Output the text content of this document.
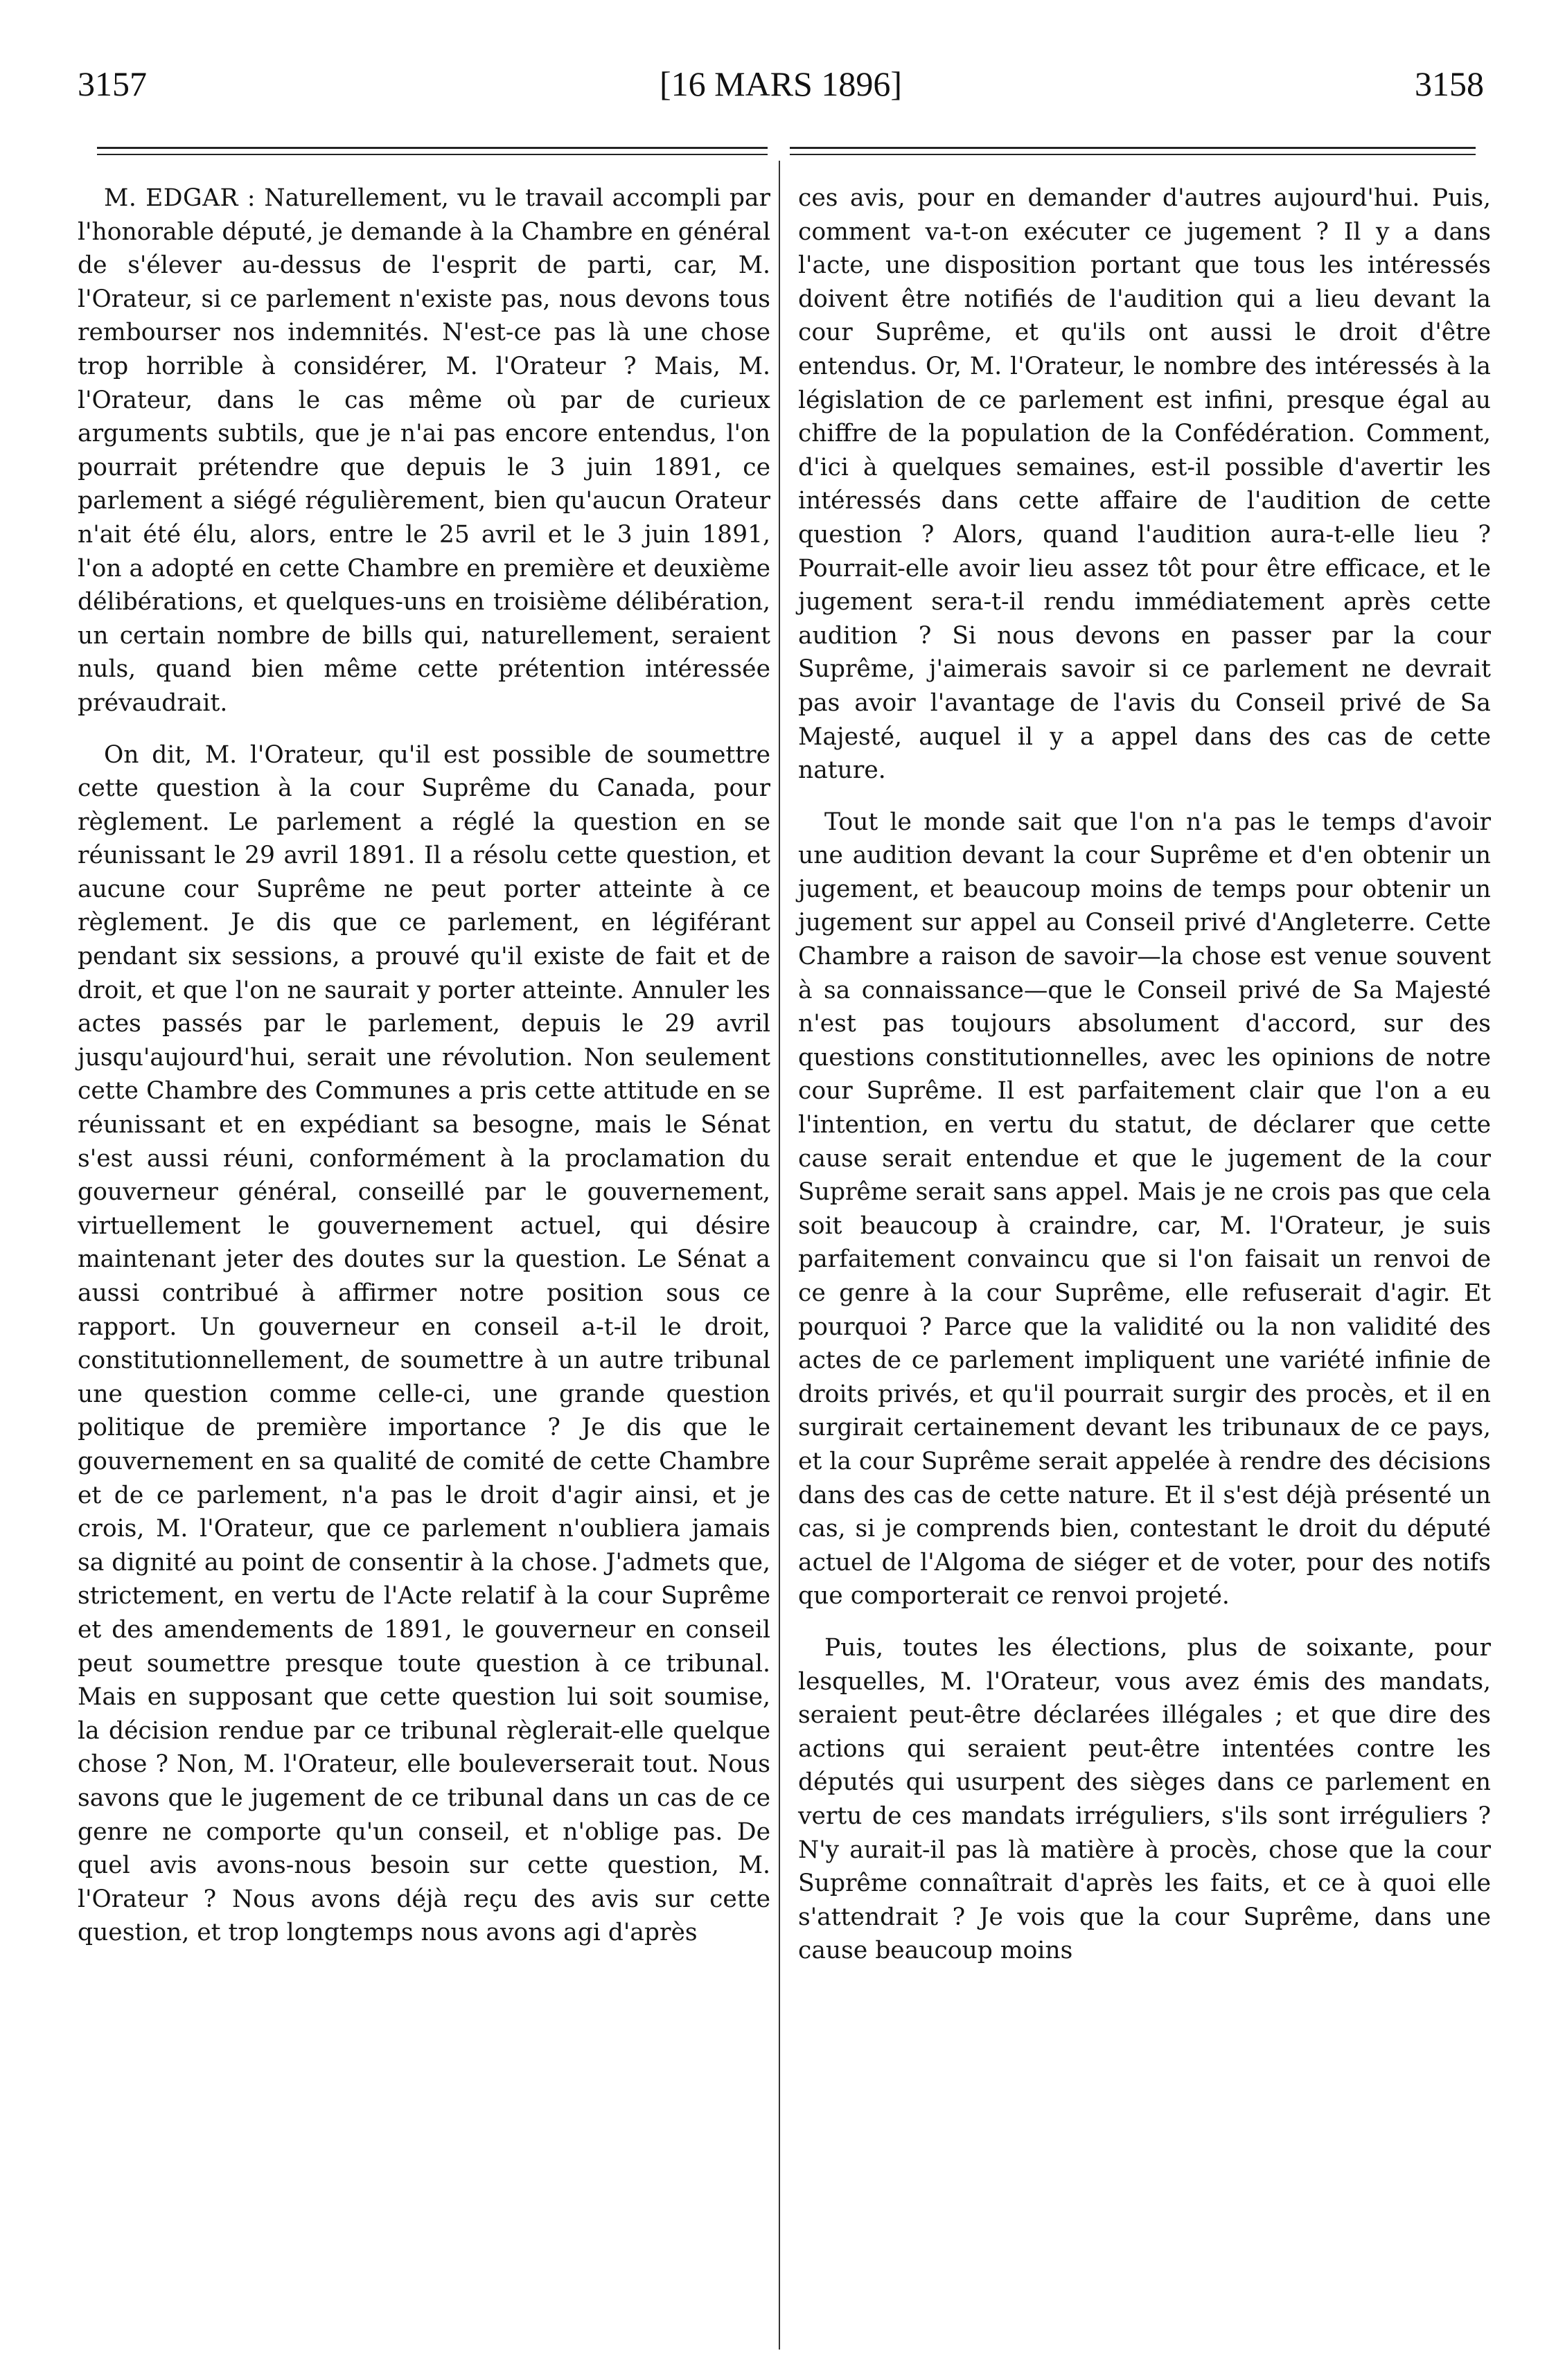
3157	[16 MARS 1896]	3158

M. EDGAR : Naturellement, vu le travail accompli par l'honorable député, je demande à la Chambre en général de s'élever au-dessus de l'esprit de parti, car, M. l'Orateur, si ce parlement n'existe pas, nous devons tous rembourser nos indemnités. N'est-ce pas là une chose trop horrible à considérer, M. l'Orateur ? Mais, M. l'Orateur, dans le cas même où par de curieux arguments subtils, que je n'ai pas encore entendus, l'on pourrait prétendre que depuis le 3 juin 1891, ce parlement a siégé régulièrement, bien qu'aucun Orateur n'ait été élu, alors, entre le 25 avril et le 3 juin 1891, l'on a adopté en cette Chambre en première et deuxième délibérations, et quelques-uns en troisième délibération, un certain nombre de bills qui, naturellement, seraient nuls, quand bien même cette prétention intéressée prévaudrait.

On dit, M. l'Orateur, qu'il est possible de soumettre cette question à la cour Suprême du Canada, pour règlement. Le parlement a réglé la question en se réunissant le 29 avril 1891. Il a résolu cette question, et aucune cour Suprême ne peut porter atteinte à ce règlement. Je dis que ce parlement, en légiférant pendant six sessions, a prouvé qu'il existe de fait et de droit, et que l'on ne saurait y porter atteinte. Annuler les actes passés par le parlement, depuis le 29 avril jusqu'aujourd'hui, serait une révolution. Non seulement cette Chambre des Communes a pris cette attitude en se réunissant et en expédiant sa besogne, mais le Sénat s'est aussi réuni, conformément à la proclamation du gouverneur général, conseillé par le gouvernement, virtuellement le gouvernement actuel, qui désire maintenant jeter des doutes sur la question. Le Sénat a aussi contribué à affirmer notre position sous ce rapport. Un gouverneur en conseil a-t-il le droit, constitutionnellement, de soumettre à un autre tribunal une question comme celle-ci, une grande question politique de première importance ? Je dis que le gouvernement en sa qualité de comité de cette Chambre et de ce parlement, n'a pas le droit d'agir ainsi, et je crois, M. l'Orateur, que ce parlement n'oubliera jamais sa dignité au point de consentir à la chose. J'admets que, strictement, en vertu de l'Acte relatif à la cour Suprême et des amendements de 1891, le gouverneur en conseil peut soumettre presque toute question à ce tribunal. Mais en supposant que cette question lui soit soumise, la décision rendue par ce tribunal règlerait-elle quelque chose ? Non, M. l'Orateur, elle bouleverserait tout. Nous savons que le jugement de ce tribunal dans un cas de ce genre ne comporte qu'un conseil, et n'oblige pas. De quel avis avons-nous besoin sur cette question, M. l'Orateur ? Nous avons déjà reçu des avis sur cette question, et trop longtemps nous avons agi d'après

ces avis, pour en demander d'autres aujourd'hui. Puis, comment va-t-on exécuter ce jugement ? Il y a dans l'acte, une disposition portant que tous les intéressés doivent être notifiés de l'audition qui a lieu devant la cour Suprême, et qu'ils ont aussi le droit d'être entendus. Or, M. l'Orateur, le nombre des intéressés à la législation de ce parlement est infini, presque égal au chiffre de la population de la Confédération. Comment, d'ici à quelques semaines, est-il possible d'avertir les intéressés dans cette affaire de l'audition de cette question ? Alors, quand l'audition aura-t-elle lieu ? Pourrait-elle avoir lieu assez tôt pour être efficace, et le jugement sera-t-il rendu immédiatement après cette audition ? Si nous devons en passer par la cour Suprême, j'aimerais savoir si ce parlement ne devrait pas avoir l'avantage de l'avis du Conseil privé de Sa Majesté, auquel il y a appel dans des cas de cette nature.

Tout le monde sait que l'on n'a pas le temps d'avoir une audition devant la cour Suprême et d'en obtenir un jugement, et beaucoup moins de temps pour obtenir un jugement sur appel au Conseil privé d'Angleterre. Cette Chambre a raison de savoir—la chose est venue souvent à sa connaissance—que le Conseil privé de Sa Majesté n'est pas toujours absolument d'accord, sur des questions constitutionnelles, avec les opinions de notre cour Suprême. Il est parfaitement clair que l'on a eu l'intention, en vertu du statut, de déclarer que cette cause serait entendue et que le jugement de la cour Suprême serait sans appel. Mais je ne crois pas que cela soit beaucoup à craindre, car, M. l'Orateur, je suis parfaitement convaincu que si l'on faisait un renvoi de ce genre à la cour Suprême, elle refuserait d'agir. Et pourquoi ? Parce que la validité ou la non validité des actes de ce parlement impliquent une variété infinie de droits privés, et qu'il pourrait surgir des procès, et il en surgirait certainement devant les tribunaux de ce pays, et la cour Suprême serait appelée à rendre des décisions dans des cas de cette nature. Et il s'est déjà présenté un cas, si je comprends bien, contestant le droit du député actuel de l'Algoma de siéger et de voter, pour des notifs que comporterait ce renvoi projeté.

Puis, toutes les élections, plus de soixante, pour lesquelles, M. l'Orateur, vous avez émis des mandats, seraient peut-être déclarées illégales ; et que dire des actions qui seraient peut-être intentées contre les députés qui usurpent des sièges dans ce parlement en vertu de ces mandats irréguliers, s'ils sont irréguliers ? N'y aurait-il pas là matière à procès, chose que la cour Suprême connaîtrait d'après les faits, et ce à quoi elle s'attendrait ? Je vois que la cour Suprême, dans une cause beaucoup moins
